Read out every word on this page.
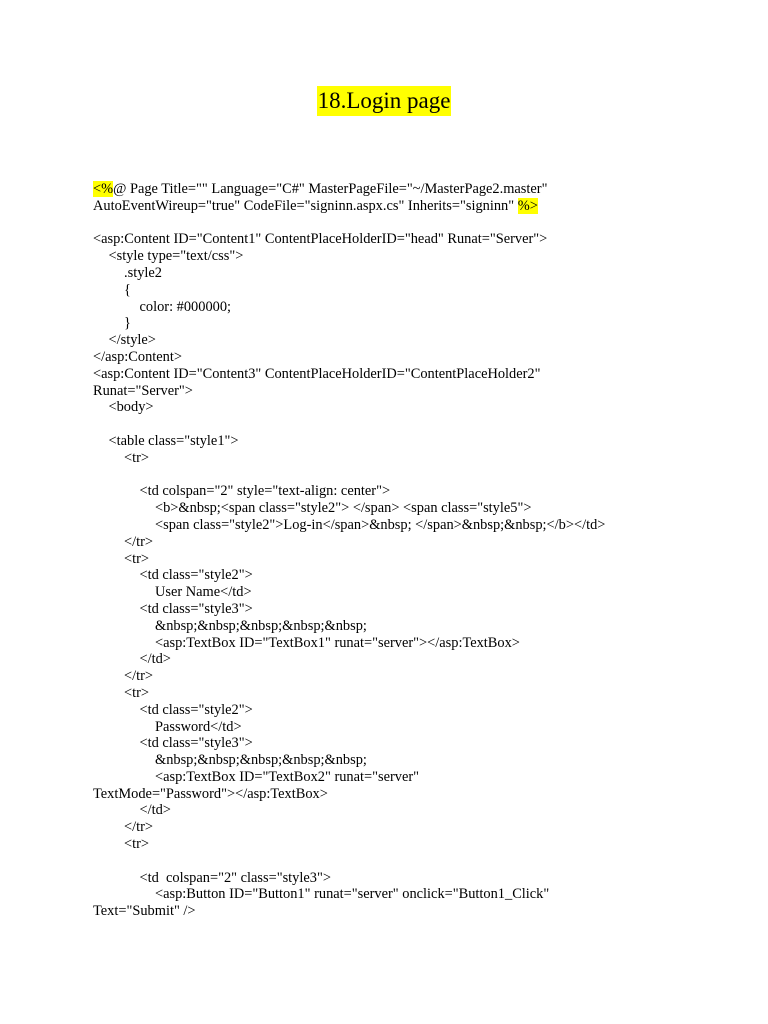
18.Login page
<%@ Page Title="" Language="C#" MasterPageFile="~/MasterPage2.master"
AutoEventWireup="true" CodeFile="signinn.aspx.cs" Inherits="signinn" %>
<asp:Content ID="Content1" ContentPlaceHolderID="head" Runat="Server">
<style type="text/css">
.style2
{
color: #000000;
}
</style>
</asp:Content>
<asp:Content ID="Content3" ContentPlaceHolderID="ContentPlaceHolder2"
Runat="Server">
<body>
<table class="style1">
<tr>
<td colspan="2" style="text-align: center">
<b>&nbsp;<span class="style2"> </span> <span class="style5">
<span class="style2">Log-in</span>&nbsp; </span>&nbsp;&nbsp;</b></td>
</tr>
<tr>
<td class="style2">
User Name</td>
<td class="style3">
&nbsp;&nbsp;&nbsp;&nbsp;&nbsp;
<asp:TextBox ID="TextBox1" runat="server"></asp:TextBox>
</td>
</tr>
<tr>
<td class="style2">
Password</td>
<td class="style3">
&nbsp;&nbsp;&nbsp;&nbsp;&nbsp;
<asp:TextBox ID="TextBox2" runat="server"
TextMode="Password"></asp:TextBox>
</td>
</tr>
<tr>
<td  colspan="2" class="style3">
<asp:Button ID="Button1" runat="server" onclick="Button1_Click"
Text="Submit" />
